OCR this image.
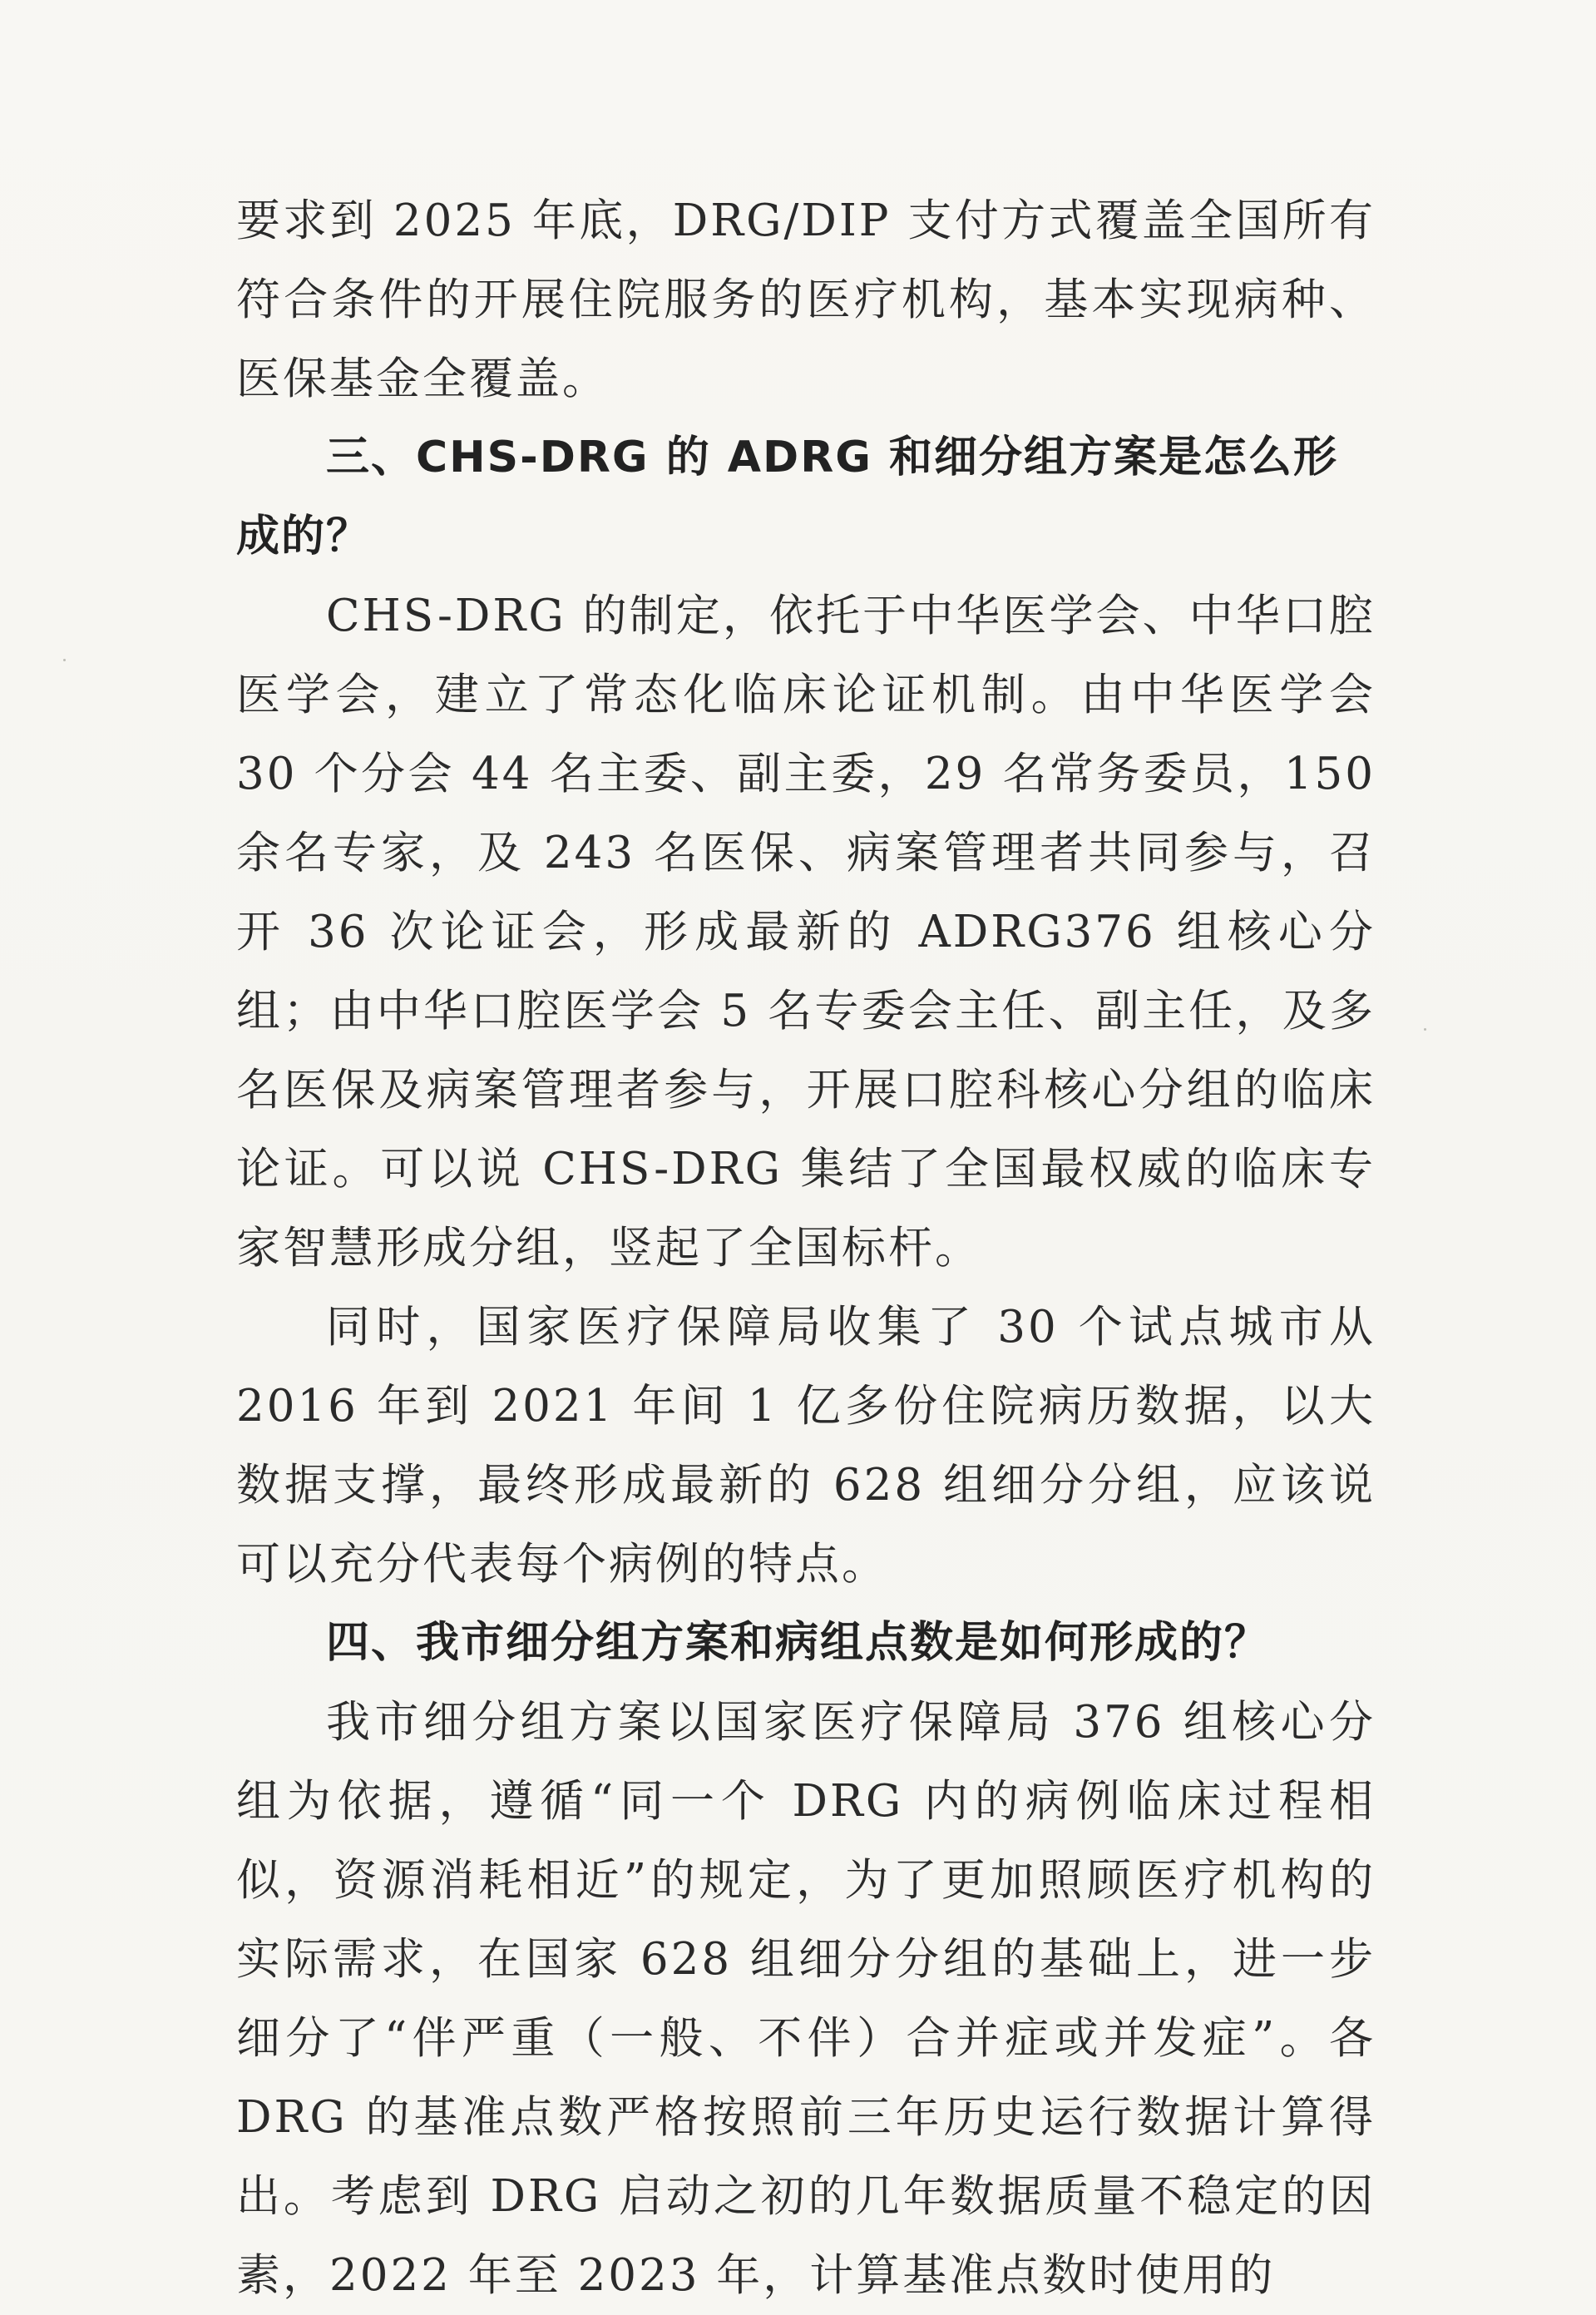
要求到 2025 年底，DRG/DIP 支付方式覆盖全国所有符合条件的开展住院服务的医疗机构，基本实现病种、医保基金全覆盖。

三、CHS-DRG 的 ADRG 和细分组方案是怎么形成的？

CHS-DRG 的制定，依托于中华医学会、中华口腔医学会，建立了常态化临床论证机制。由中华医学会 30 个分会 44 名主委、副主委，29 名常务委员，150 余名专家，及 243 名医保、病案管理者共同参与，召开 36 次论证会，形成最新的 ADRG376 组核心分组；由中华口腔医学会 5 名专委会主任、副主任，及多名医保及病案管理者参与，开展口腔科核心分组的临床论证。可以说 CHS-DRG 集结了全国最权威的临床专家智慧形成分组，竖起了全国标杆。

同时，国家医疗保障局收集了 30 个试点城市从 2016 年到 2021 年间 1 亿多份住院病历数据，以大数据支撑，最终形成最新的 628 组细分分组，应该说可以充分代表每个病例的特点。

四、我市细分组方案和病组点数是如何形成的？

我市细分组方案以国家医疗保障局 376 组核心分组为依据，遵循“同一个 DRG 内的病例临床过程相似，资源消耗相近”的规定，为了更加照顾医疗机构的实际需求，在国家 628 组细分分组的基础上，进一步细分了“伴严重（一般、不伴）合并症或并发症”。各 DRG 的基准点数严格按照前三年历史运行数据计算得出。考虑到 DRG 启动之初的几年数据质量不稳定的因素，2022 年至 2023 年，计算基准点数时使用的
